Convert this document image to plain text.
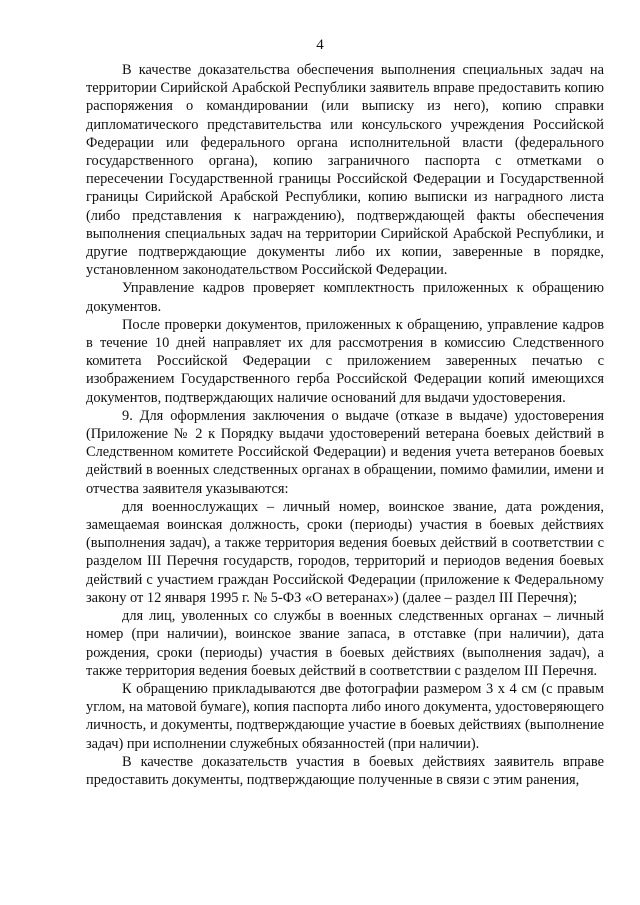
4

В качестве доказательства обеспечения выполнения специальных задач на территории Сирийской Арабской Республики заявитель вправе предоставить копию распоряжения о командировании (или выписку из него), копию справки дипломатического представительства или консульского учреждения Российской Федерации или федерального органа исполнительной власти (федерального государственного органа), копию заграничного паспорта с отметками о пересечении Государственной границы Российской Федерации и Государственной границы Сирийской Арабской Республики, копию выписки из наградного листа (либо представления к награждению), подтверждающей факты обеспечения выполнения специальных задач на территории Сирийской Арабской Республики, и другие подтверждающие документы либо их копии, заверенные в порядке, установленном законодательством Российской Федерации.

Управление кадров проверяет комплектность приложенных к обращению документов.

После проверки документов, приложенных к обращению, управление кадров в течение 10 дней направляет их для рассмотрения в комиссию Следственного комитета Российской Федерации с приложением заверенных печатью с изображением Государственного герба Российской Федерации копий имеющихся документов, подтверждающих наличие оснований для выдачи удостоверения.

9. Для оформления заключения о выдаче (отказе в выдаче) удостоверения (Приложение № 2 к Порядку выдачи удостоверений ветерана боевых действий в Следственном комитете Российской Федерации) и ведения учета ветеранов боевых действий в военных следственных органах в обращении, помимо фамилии, имени и отчества заявителя указываются:

для военнослужащих – личный номер, воинское звание, дата рождения, замещаемая воинская должность, сроки (периоды) участия в боевых действиях (выполнения задач), а также территория ведения боевых действий в соответствии с разделом III Перечня государств, городов, территорий и периодов ведения боевых действий с участием граждан Российской Федерации (приложение к Федеральному закону от 12 января 1995 г. № 5-ФЗ «О ветеранах») (далее – раздел III Перечня);

для лиц, уволенных со службы в военных следственных органах – личный номер (при наличии), воинское звание запаса, в отставке (при наличии), дата рождения, сроки (периоды) участия в боевых действиях (выполнения задач), а также территория ведения боевых действий в соответствии с разделом III Перечня.

К обращению прикладываются две фотографии размером 3 х 4 см (с правым углом, на матовой бумаге), копия паспорта либо иного документа, удостоверяющего личность, и документы, подтверждающие участие в боевых действиях (выполнение задач) при исполнении служебных обязанностей (при наличии).

В качестве доказательств участия в боевых действиях заявитель вправе предоставить документы, подтверждающие полученные в связи с этим ранения,
